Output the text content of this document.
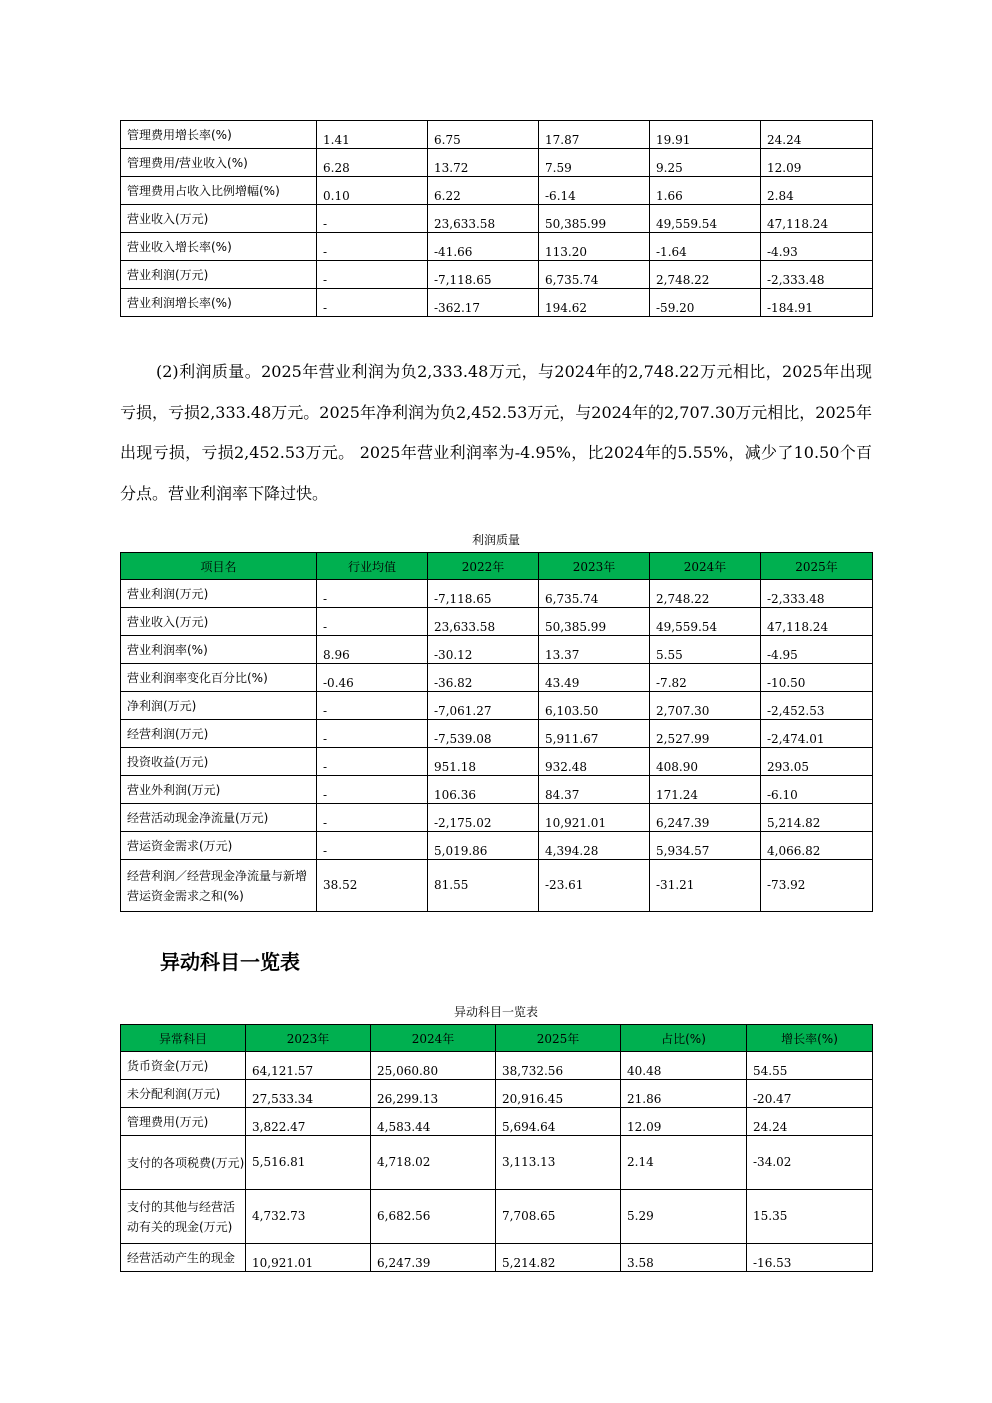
管理费用增长率(%)	1.41	6.75	17.87	19.91	24.24
管理费用/营业收入(%)	6.28	13.72	7.59	9.25	12.09
管理费用占收入比例增幅(%)	0.10	6.22	-6.14	1.66	2.84
营业收入(万元)	-	23,633.58	50,385.99	49,559.54	47,118.24
营业收入增长率(%)	-	-41.66	113.20	-1.64	-4.93
营业利润(万元)	-	-7,118.65	6,735.74	2,748.22	-2,333.48
营业利润增长率(%)	-	-362.17	194.62	-59.20	-184.91
(2)利润质量。2025年营业利润为负2,333.48万元，与2024年的2,748.22万元相比，2025年出现亏损，亏损2,333.48万元。2025年净利润为负2,452.53万元，与2024年的2,707.30万元相比，2025年出现亏损，亏损2,452.53万元。 2025年营业利润率为-4.95%，比2024年的5.55%，减少了10.50个百分点。营业利润率下降过快。
利润质量
项目名	行业均值	2022年	2023年	2024年	2025年
营业利润(万元)	-	-7,118.65	6,735.74	2,748.22	-2,333.48
营业收入(万元)	-	23,633.58	50,385.99	49,559.54	47,118.24
营业利润率(%)	8.96	-30.12	13.37	5.55	-4.95
营业利润率变化百分比(%)	-0.46	-36.82	43.49	-7.82	-10.50
净利润(万元)	-	-7,061.27	6,103.50	2,707.30	-2,452.53
经营利润(万元)	-	-7,539.08	5,911.67	2,527.99	-2,474.01
投资收益(万元)	-	951.18	932.48	408.90	293.05
营业外利润(万元)	-	106.36	84.37	171.24	-6.10
经营活动现金净流量(万元)	-	-2,175.02	10,921.01	6,247.39	5,214.82
营运资金需求(万元)	-	5,019.86	4,394.28	5,934.57	4,066.82
经营利润／经营现金净流量与新增营运资金需求之和(%)	38.52	81.55	-23.61	-31.21	-73.92
异动科目一览表
异动科目一览表
异常科目	2023年	2024年	2025年	占比(%)	增长率(%)
货币资金(万元)	64,121.57	25,060.80	38,732.56	40.48	54.55
未分配利润(万元)	27,533.34	26,299.13	20,916.45	21.86	-20.47
管理费用(万元)	3,822.47	4,583.44	5,694.64	12.09	24.24
支付的各项税费(万元)	5,516.81	4,718.02	3,113.13	2.14	-34.02
支付的其他与经营活动有关的现金(万元)	4,732.73	6,682.56	7,708.65	5.29	15.35
经营活动产生的现金	10,921.01	6,247.39	5,214.82	3.58	-16.53
